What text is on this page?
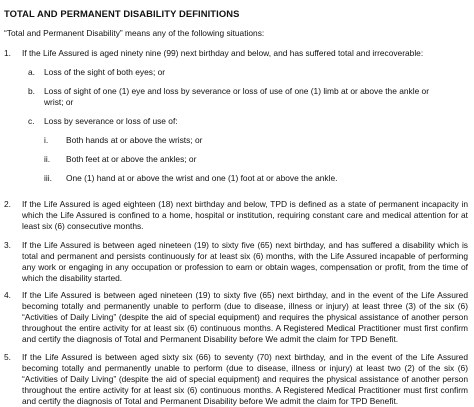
TOTAL AND PERMANENT DISABILITY DEFINITIONS
“Total and Permanent Disability” means any of the following situations:
1.	If the Life Assured is aged ninety nine (99) next birthday and below, and has suffered total and irrecoverable:
a. Loss of the sight of both eyes; or
b. Loss of sight of one (1) eye and loss by severance or loss of use of one (1) limb at or above the ankle or wrist; or
c. Loss by severance or loss of use of:
i.	Both hands at or above the wrists; or
ii.	Both feet at or above the ankles; or
iii.	One (1) hand at or above the wrist and one (1) foot at or above the ankle.
2.	If the Life Assured is aged eighteen (18) next birthday and below, TPD is defined as a state of permanent incapacity in which the Life Assured is confined to a home, hospital or institution, requiring constant care and medical attention for at least six (6) consecutive months.
3.	If the Life Assured is between aged nineteen (19) to sixty five (65) next birthday, and has suffered a disability which is total and permanent and persists continuously for at least six (6) months, with the Life Assured incapable of performing any work or engaging in any occupation or profession to earn or obtain wages, compensation or profit, from the time of which the disability started.
4.	If the Life Assured is between aged nineteen (19) to sixty five (65) next birthday, and in the event of the Life Assured becoming totally and permanently unable to perform (due to disease, illness or injury) at least three (3) of the six (6) “Activities of Daily Living” (despite the aid of special equipment) and requires the physical assistance of another person throughout the entire activity for at least six (6) continuous months. A Registered Medical Practitioner must first confirm and certify the diagnosis of Total and Permanent Disability before We admit the claim for TPD Benefit.
5.	If the Life Assured is between aged sixty six (66) to seventy (70) next birthday, and in the event of the Life Assured becoming totally and permanently unable to perform (due to disease, illness or injury) at least two (2) of the six (6) “Activities of Daily Living” (despite the aid of special equipment) and requires the physical assistance of another person throughout the entire activity for at least six (6) continuous months. A Registered Medical Practitioner must first confirm and certify the diagnosis of Total and Permanent Disability before We admit the claim for TPD Benefit.
